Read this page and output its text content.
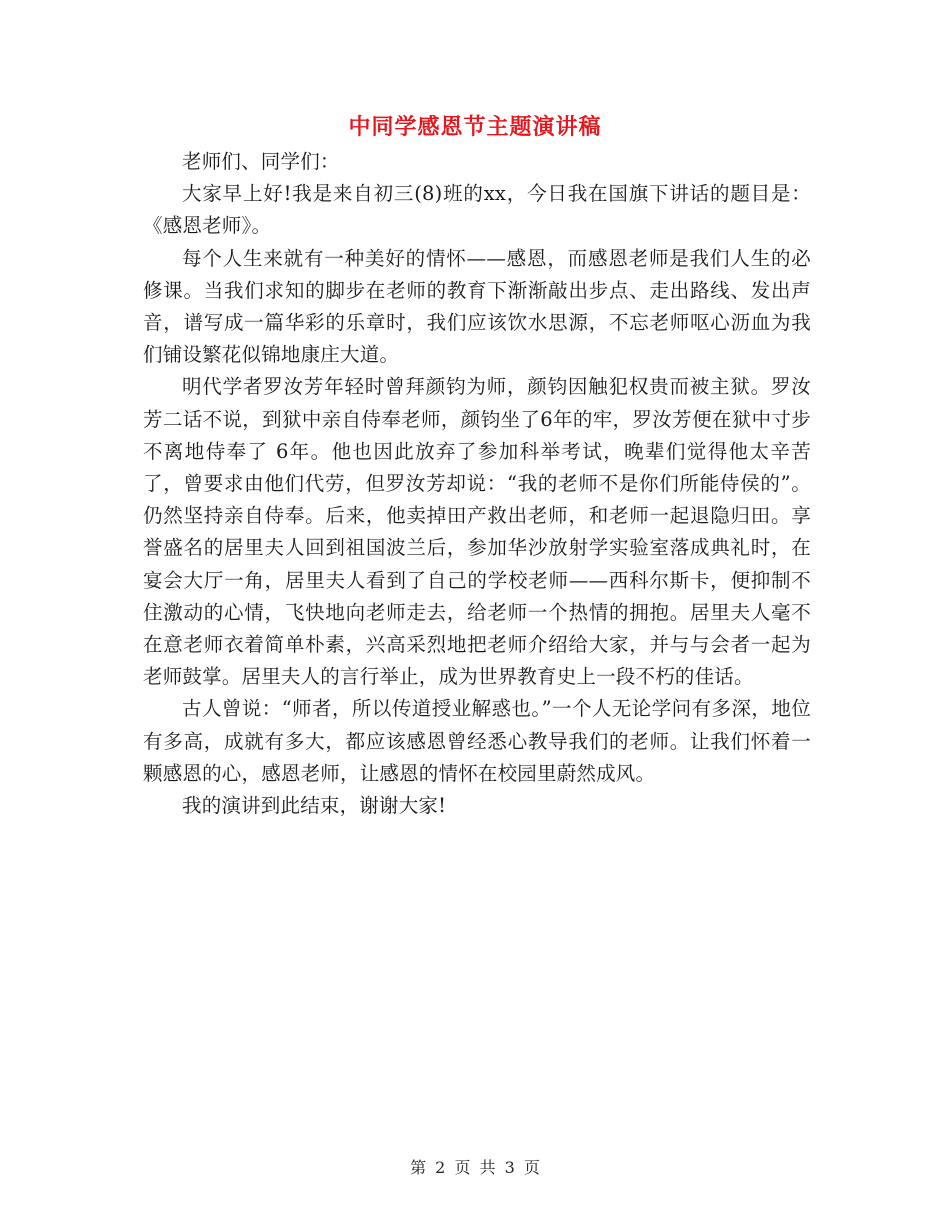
中同学感恩节主题演讲稿

老师们、同学们：

大家早上好!我是来自初三(8)班的xx，今日我在国旗下讲话的题目是：《感恩老师》。

每个人生来就有一种美好的情怀——感恩，而感恩老师是我们人生的必修课。当我们求知的脚步在老师的教育下渐渐敲出步点、走出路线、发出声音，谱写成一篇华彩的乐章时，我们应该饮水思源，不忘老师呕心沥血为我们铺设繁花似锦地康庄大道。

明代学者罗汝芳年轻时曾拜颜钧为师，颜钧因触犯权贵而被主狱。罗汝芳二话不说，到狱中亲自侍奉老师，颜钧坐了6年的牢，罗汝芳便在狱中寸步不离地侍奉了 6年。他也因此放弃了参加科举考试，晚辈们觉得他太辛苦了，曾要求由他们代劳，但罗汝芳却说：“我的老师不是你们所能侍侯的”。仍然坚持亲自侍奉。后来，他卖掉田产救出老师，和老师一起退隐归田。享誉盛名的居里夫人回到祖国波兰后，参加华沙放射学实验室落成典礼时，在宴会大厅一角，居里夫人看到了自己的学校老师——西科尔斯卡，便抑制不住激动的心情，飞快地向老师走去，给老师一个热情的拥抱。居里夫人毫不在意老师衣着简单朴素，兴高采烈地把老师介绍给大家，并与与会者一起为老师鼓掌。居里夫人的言行举止，成为世界教育史上一段不朽的佳话。

古人曾说：“师者，所以传道授业解惑也。”一个人无论学问有多深，地位有多高，成就有多大，都应该感恩曾经悉心教导我们的老师。让我们怀着一颗感恩的心，感恩老师，让感恩的情怀在校园里蔚然成风。

我的演讲到此结束，谢谢大家!

第 2 页 共 3 页
